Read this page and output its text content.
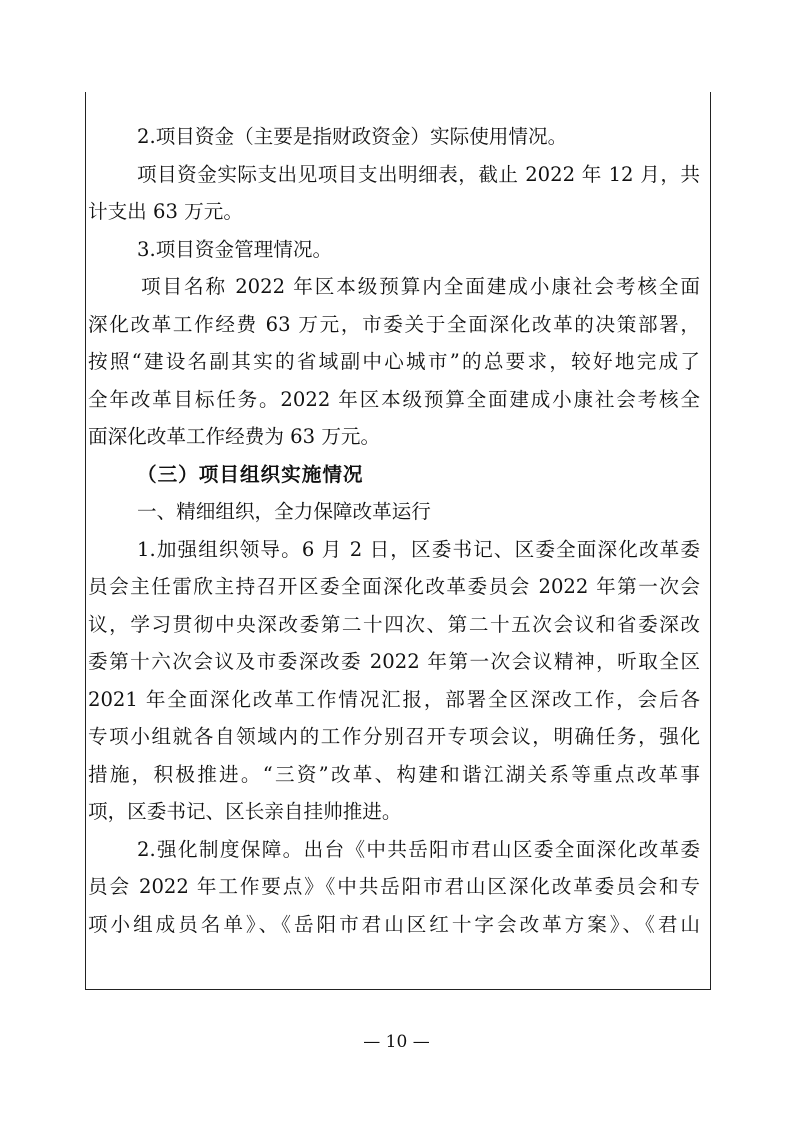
2.项目资金（主要是指财政资金）实际使用情况。
项目资金实际支出见项目支出明细表，截止 2022 年 12 月，共
计支出 63 万元。
3.项目资金管理情况。
项目名称 2022 年区本级预算内全面建成小康社会考核全面
深化改革工作经费 63 万元，市委关于全面深化改革的决策部署，
按照“建设名副其实的省域副中心城市”的总要求，较好地完成了
全年改革目标任务。2022 年区本级预算全面建成小康社会考核全
面深化改革工作经费为 63 万元。
（三）项目组织实施情况
一、精细组织，全力保障改革运行
1.加强组织领导。6 月 2 日，区委书记、区委全面深化改革委
员会主任雷欣主持召开区委全面深化改革委员会 2022 年第一次会
议，学习贯彻中央深改委第二十四次、第二十五次会议和省委深改
委第十六次会议及市委深改委 2022 年第一次会议精神，听取全区
2021 年全面深化改革工作情况汇报，部署全区深改工作，会后各
专项小组就各自领域内的工作分别召开专项会议，明确任务，强化
措施，积极推进。“三资”改革、构建和谐江湖关系等重点改革事
项，区委书记、区长亲自挂帅推进。
2.强化制度保障。出台《中共岳阳市君山区委全面深化改革委
员会 2022 年工作要点》《中共岳阳市君山区深化改革委员会和专
项小组成员名单》、《岳阳市君山区红十字会改革方案》、《君山
— 10 —
